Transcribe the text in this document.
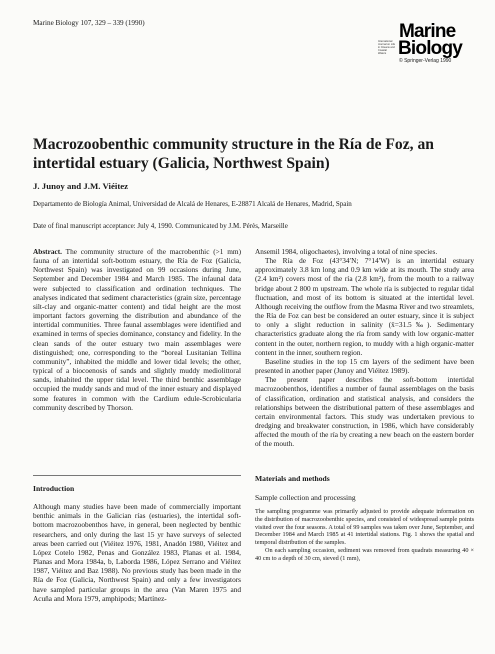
Marine Biology 107, 329 – 339 (1990)	Marine
International Journal on Life in Oceans and Coastal Waters Biology
© Springer-Verlag 1990
Macrozoobenthic community structure in the Ría de Foz, an intertidal estuary (Galicia, Northwest Spain)
J. Junoy and J.M. Viéitez
Departamento de Biología Animal, Universidad de Alcalá de Henares, E-28871 Alcalá de Henares, Madrid, Spain
Date of final manuscript acceptance: July 4, 1990. Communicated by J.M. Pérès, Marseille

Abstract. The community structure of the macrobenthic (>1 mm) fauna of an intertidal soft-bottom estuary, the Ría de Foz (Galicia, Northwest Spain) was investigated on 99 occasions during June, September and December 1984 and March 1985. The infaunal data were subjected to classification and ordination techniques. The analyses indicated that sediment characteristics (grain size, percentage silt-clay and organic-matter content) and tidal height are the most important factors governing the distribution and abundance of the intertidal communities. Three faunal assemblages were identified and examined in terms of species dominance, constancy and fidelity. In the clean sands of the outer estuary two main assemblages were distinguished; one, corresponding to the “boreal Lusitanian Tellina community”, inhabited the middle and lower tidal levels; the other, typical of a biocoenosis of sands and slightly muddy mediolittoral sands, inhabited the upper tidal level. The third benthic assemblage occupied the muddy sands and mud of the inner estuary and displayed some features in common with the Cardium edule-Scrobicularia community described by Thorson.

Introduction

Although many studies have been made of commercially important benthic animals in the Galician rías (estuaries), the intertidal soft-bottom macrozoobenthos have, in general, been neglected by benthic researchers, and only during the last 15 yr have surveys of selected areas been carried out (Viéitez 1976, 1981, Anadón 1980, Viéitez and López Cotelo 1982, Penas and González 1983, Planas et al. 1984, Planas and Mora 1984a, b, Laborda 1986, López Serrano and Viéitez 1987, Viéitez and Baz 1988). No previous study has been made in the Ría de Foz (Galicia, Northwest Spain) and only a few investigators have sampled particular groups in the area (Van Maren 1975 and Acuña and Mora 1979, amphipods; Martínez-

Ansemil 1984, oligochaetes), involving a total of nine species.

The Ría de Foz (43°34′N; 7°14′W) is an intertidal estuary approximately 3.8 km long and 0.9 km wide at its mouth. The study area (2.4 km²) covers most of the ría (2.8 km²), from the mouth to a railway bridge about 2 800 m upstream. The whole ría is subjected to regular tidal fluctuation, and most of its bottom is situated at the intertidal level. Although receiving the outflow from the Masma River and two streamlets, the Ría de Foz can best be considered an outer estuary, since it is subject to only a slight reduction in salinity (x̄=31.5‰). Sedimentary characteristics graduate along the ría from sandy with low organic-matter content in the outer, northern region, to muddy with a high organic-matter content in the inner, southern region.

Baseline studies in the top 15 cm layers of the sediment have been presented in another paper (Junoy and Viéitez 1989).

The present paper describes the soft-bottom intertidal macrozoobenthos, identifies a number of faunal assemblages on the basis of classification, ordination and statistical analysis, and considers the relationships between the distributional pattern of these assemblages and certain environmental factors. This study was undertaken previous to dredging and breakwater construction, in 1986, which have considerably affected the mouth of the ría by creating a new beach on the eastern border of the mouth.

Materials and methods

Sample collection and processing

The sampling programme was primarily adjusted to provide adequate information on the distribution of macrozoobenthic species, and consisted of widespread sample points visited over the four seasons. A total of 99 samples was taken over June, September, and December 1984 and March 1985 at 41 intertidal stations. Fig. 1 shows the spatial and temporal distribution of the samples.

On each sampling occasion, sediment was removed from quadrats measuring 40 × 40 cm to a depth of 30 cm, sieved (1 mm),
